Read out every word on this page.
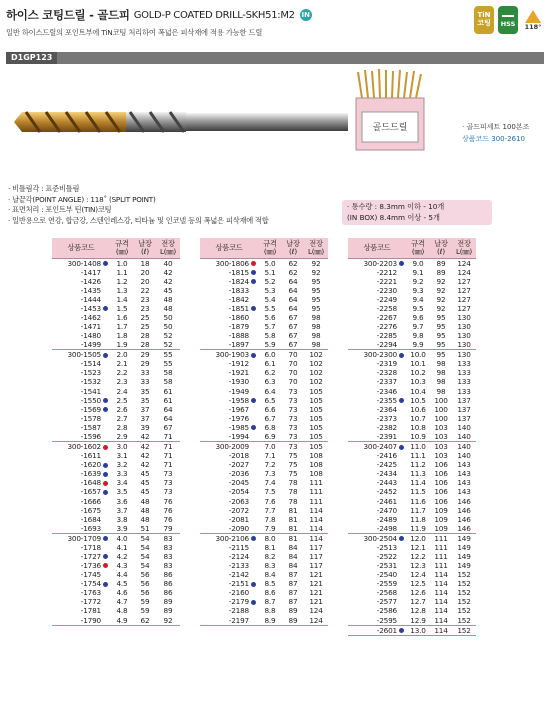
하이스 코팅드릴 - 골드피 GOLD-P COATED DRILL-SKH51:M2 IN
일반 하이스드릴의 포인트부에 TiN코팅 처리하여 폭넓은 피삭재에 적용 가능한 드릴
TiN
코팅 HSS 118°
D1GP123
골드드릴	· 골드피세트 100본조
상품코드 300-2610
· 비틀림각 : 표준비틀림
· 날끝각(POINT ANGLE) : 118˚ (SPLIT POINT)
· 표면처리 : 포인트부 틴(TIN)코팅
· 일반용으로 연강, 합금강, 스텐인레스강, 티타늄 및 인코넬 등의 폭넓은 피삭재에 적합
· 통수량 : 8.3mm 이하 - 10개
(IN BOX) 8.4mm 이상 - 5개
상품코드	규격
(㎜)	날장
(ℓ)	전장
L(㎜)

300-1408	1.0	18	40
-1417	1.1	20	42
-1426	1.2	20	42
-1435	1.3	22	45
-1444	1.4	23	48
-1453	1.5	23	48
-1462	1.6	25	50
-1471	1.7	25	50
-1480	1.8	28	52
-1499	1.9	28	52
300-1505	2.0	29	55
-1514	2.1	29	55
-1523	2.2	33	58
-1532	2.3	33	58
-1541	2.4	35	61
-1550	2.5	35	61
-1569	2.6	37	64
-1578	2.7	37	64
-1587	2.8	39	67
-1596	2.9	42	71
300-1602	3.0	42	71
-1611	3.1	42	71
-1620	3.2	42	71
-1639	3.3	45	73
-1648	3.4	45	73
-1657	3.5	45	73
-1666	3.6	48	76
-1675	3.7	48	76
-1684	3.8	48	76
-1693	3.9	51	79
300-1709	4.0	54	83
-1718	4.1	54	83
-1727	4.2	54	83
-1736	4.3	54	83
-1745	4.4	56	86
-1754	4.5	56	86
-1763	4.6	56	86
-1772	4.7	59	89
-1781	4.8	59	89
-1790	4.9	62	92
상품코드	규격
(㎜)	날장
(ℓ)	전장
L(㎜)

300-1806	5.0	62	92
-1815	5.1	62	92
-1824	5.2	64	95
-1833	5.3	64	95
-1842	5.4	64	95
-1851	5.5	64	95
-1860	5.6	67	98
-1879	5.7	67	98
-1888	5.8	67	98
-1897	5.9	67	98
300-1903	6.0	70	102
-1912	6.1	70	102
-1921	6.2	70	102
-1930	6.3	70	102
-1949	6.4	73	105
-1958	6.5	73	105
-1967	6.6	73	105
-1976	6.7	73	105
-1985	6.8	73	105
-1994	6.9	73	105
300-2009	7.0	73	105
-2018	7.1	75	108
-2027	7.2	75	108
-2036	7.3	75	108
-2045	7.4	78	111
-2054	7.5	78	111
-2063	7.6	78	111
-2072	7.7	81	114
-2081	7.8	81	114
-2090	7.9	81	114
300-2106	8.0	81	114
-2115	8.1	84	117
-2124	8.2	84	117
-2133	8.3	84	117
-2142	8.4	87	121
-2151	8.5	87	121
-2160	8.6	87	121
-2179	8.7	87	121
-2188	8.8	89	124
-2197	8.9	89	124
상품코드	규격
(㎜)	날장
(ℓ)	전장
L(㎜)

300-2203	9.0	89	124
-2212	9.1	89	124
-2221	9.2	92	127
-2230	9.3	92	127
-2249	9.4	92	127
-2258	9.5	92	127
-2267	9.6	95	130
-2276	9.7	95	130
-2285	9.8	95	130
-2294	9.9	95	130
300-2300	10.0	95	130
-2319	10.1	98	133
-2328	10.2	98	133
-2337	10.3	98	133
-2346	10.4	98	133
-2355	10.5	100	137
-2364	10.6	100	137
-2373	10.7	100	137
-2382	10.8	103	140
-2391	10.9	103	140
300-2407	11.0	103	140
-2416	11.1	103	140
-2425	11.2	106	143
-2434	11.3	106	143
-2443	11.4	106	143
-2452	11.5	106	143
-2461	11.6	106	146
-2470	11.7	109	146
-2489	11.8	109	146
-2498	11.9	109	146
300-2504	12.0	111	149
-2513	12.1	111	149
-2522	12.2	111	149
-2531	12.3	111	149
-2540	12.4	114	152
-2559	12.5	114	152
-2568	12.6	114	152
-2577	12.7	114	152
-2586	12.8	114	152
-2595	12.9	114	152
-2601	13.0	114	152
